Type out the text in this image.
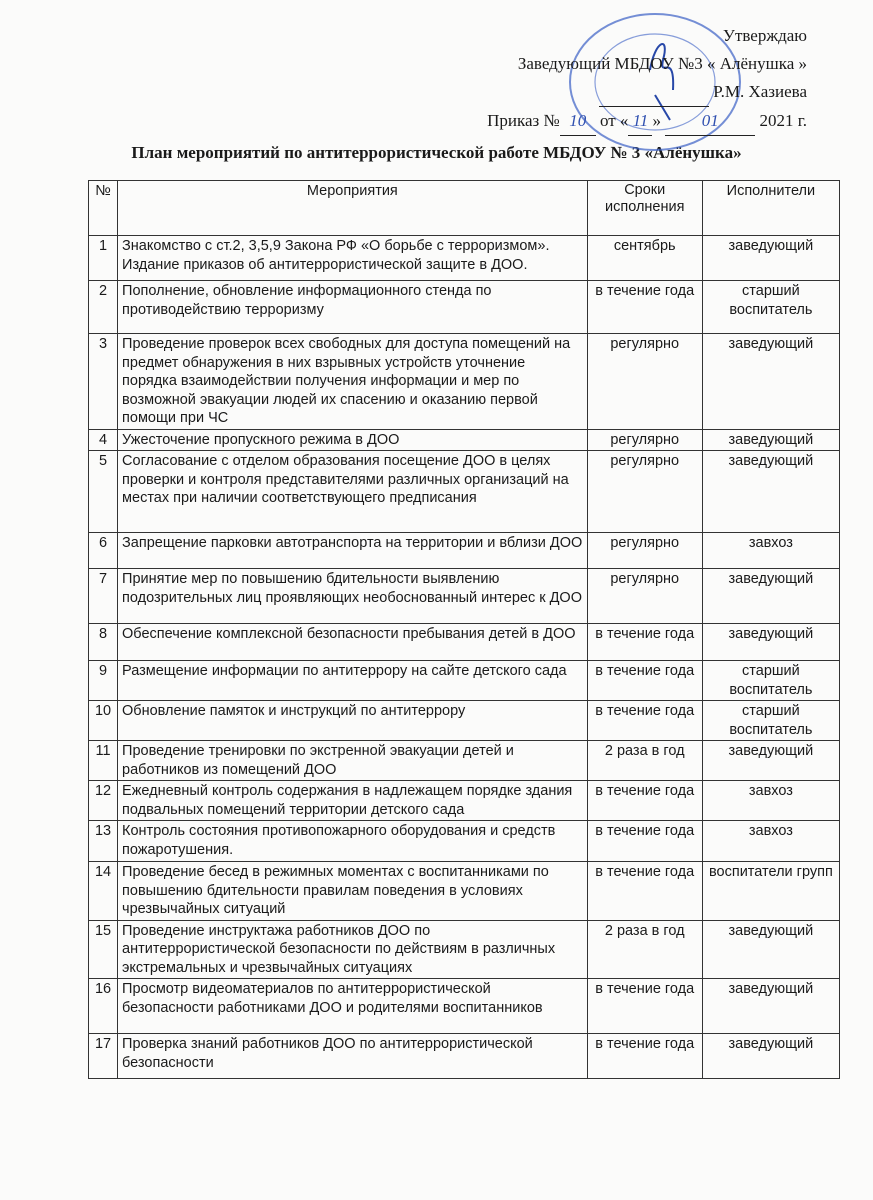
Утверждаю
Заведующий МБДОУ №3 « Алёнушка »
Р.М. Хазиева
Приказ № 10 от « 11 » 01 2021 г.
План мероприятий по антитеррористической работе МБДОУ № 3 «Алёнушка»
№	Мероприятия	Сроки исполнения	Исполнители
1	Знакомство с ст.2, 3,5,9 Закона РФ «О борьбе с терроризмом». Издание приказов об антитеррористической защите в ДОО.	сентябрь	заведующий
2	Пополнение, обновление информационного стенда по противодействию терроризму	в течение года	старший воспитатель
3	Проведение проверок всех свободных для доступа помещений на предмет обнаружения в них взрывных устройств уточнение порядка взаимодействии получения информации и мер по возможной эвакуации людей их спасению и оказанию первой помощи при ЧС	регулярно	заведующий
4	Ужесточение пропускного режима в ДОО	регулярно	заведующий
5	Согласование с отделом образования посещение ДОО в целях проверки и контроля представителями различных организаций на местах при наличии соответствующего предписания	регулярно	заведующий
6	Запрещение парковки автотранспорта на территории и вблизи ДОО	регулярно	завхоз
7	Принятие мер по повышению бдительности выявлению подозрительных лиц проявляющих необоснованный интерес к ДОО	регулярно	заведующий
8	Обеспечение комплексной безопасности пребывания детей в ДОО	в течение года	заведующий
9	Размещение информации по антитеррору на сайте детского сада	в течение года	старший воспитатель
10	Обновление памяток и инструкций по антитеррору	в течение года	старший воспитатель
11	Проведение тренировки по экстренной эвакуации детей и работников из помещений ДОО	2 раза в год	заведующий
12	Ежедневный контроль содержания в надлежащем порядке здания подвальных помещений территории детского сада	в течение года	завхоз
13	Контроль состояния противопожарного оборудования и средств пожаротушения.	в течение года	завхоз
14	Проведение бесед в режимных моментах с воспитанниками по повышению бдительности правилам поведения в условиях чрезвычайных ситуаций	в течение года	воспитатели групп
15	Проведение инструктажа работников ДОО по антитеррористической безопасности по действиям в различных экстремальных и чрезвычайных ситуациях	2 раза в год	заведующий
16	Просмотр видеоматериалов по антитеррористической безопасности работниками ДОО и родителями воспитанников	в течение года	заведующий
17	Проверка знаний работников ДОО по антитеррористической безопасности	в течение года	заведующий
